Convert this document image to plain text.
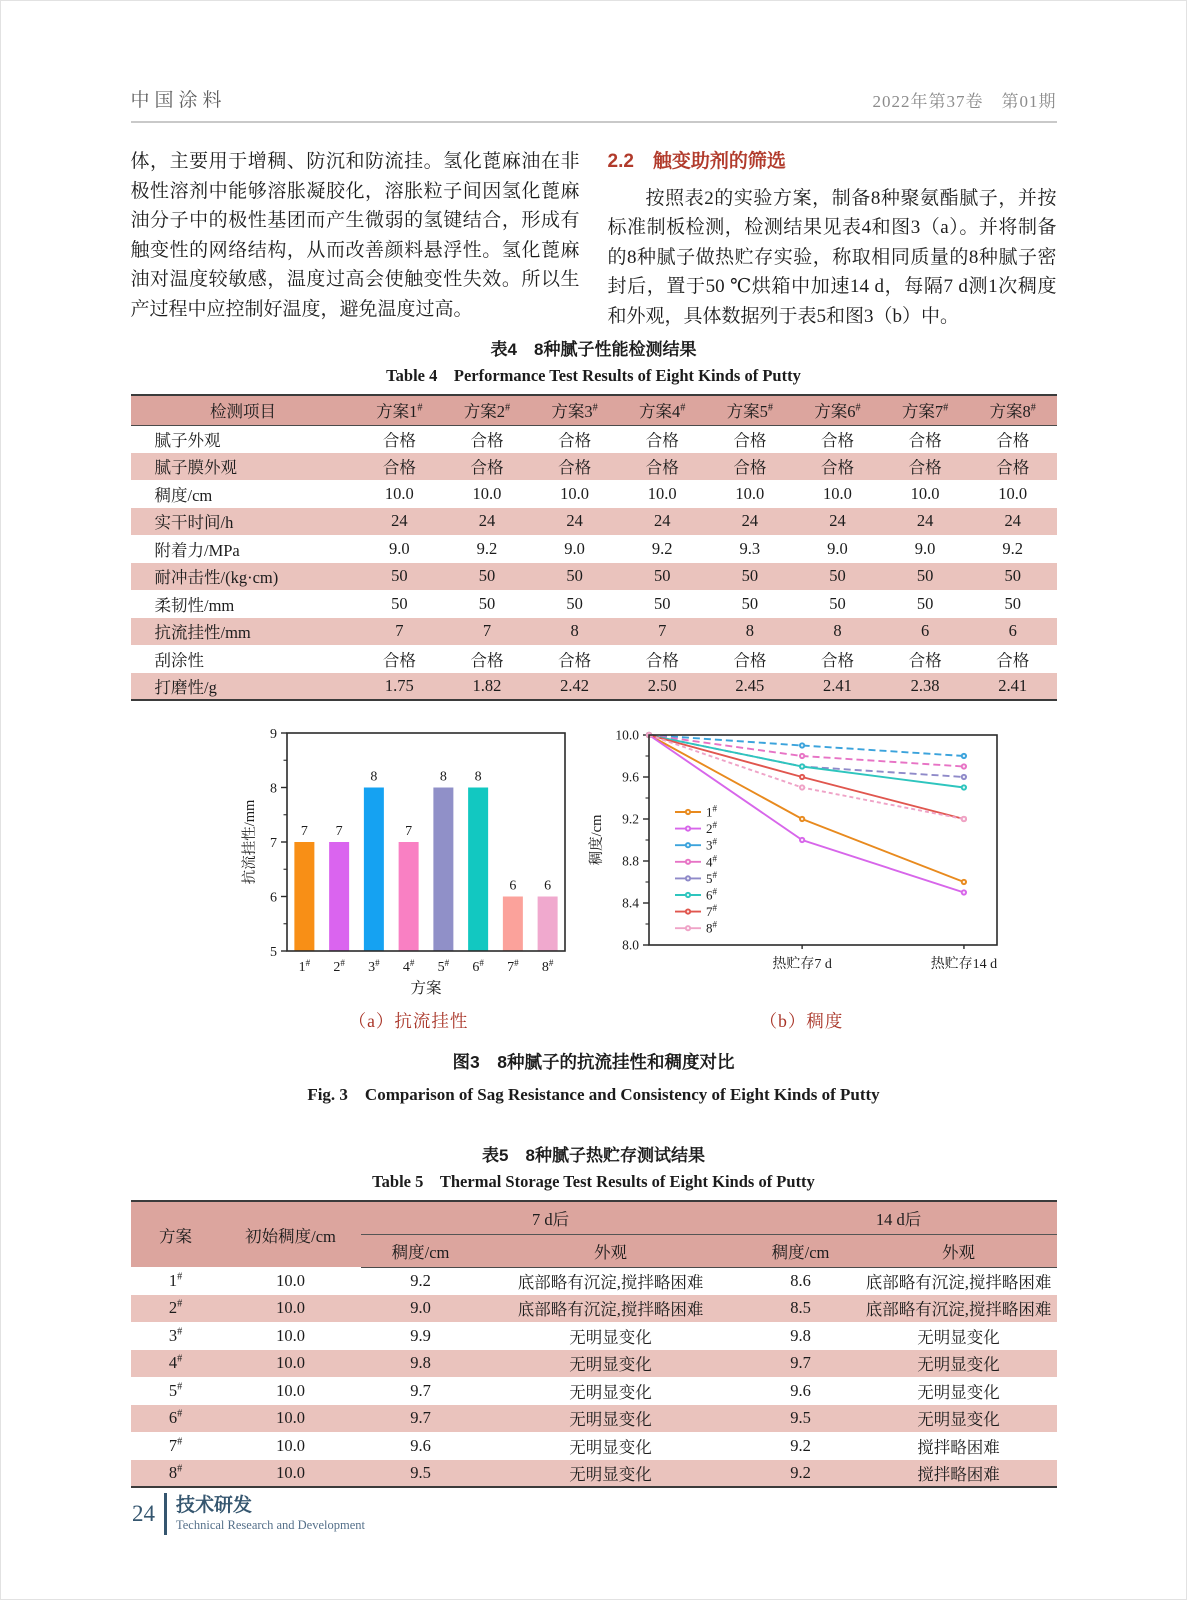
中国涂料	2022年第37卷　第01期

体，主要用于增稠、防沉和防流挂。氢化蓖麻油在非极性溶剂中能够溶胀凝胶化，溶胀粒子间因氢化蓖麻油分子中的极性基团而产生微弱的氢键结合，形成有触变性的网络结构，从而改善颜料悬浮性。氢化蓖麻油对温度较敏感，温度过高会使触变性失效。所以生产过程中应控制好温度，避免温度过高。

2.2　触变助剂的筛选

按照表2的实验方案，制备8种聚氨酯腻子，并按标准制板检测，检测结果见表4和图3（a）。并将制备的8种腻子做热贮存实验，称取相同质量的8种腻子密封后，置于50 ℃烘箱中加速14 d，每隔7 d测1次稠度和外观，具体数据列于表5和图3（b）中。

表4　8种腻子性能检测结果
Table 4　Performance Test Results of Eight Kinds of Putty
检测项目	方案1#	方案2#	方案3#	方案4#	方案5#	方案6#	方案7#	方案8#
腻子外观	合格	合格	合格	合格	合格	合格	合格	合格
腻子膜外观	合格	合格	合格	合格	合格	合格	合格	合格
稠度/cm	10.0	10.0	10.0	10.0	10.0	10.0	10.0	10.0
实干时间/h	24	24	24	24	24	24	24	24
附着力/MPa	9.0	9.2	9.0	9.2	9.3	9.0	9.0	9.2
耐冲击性/(kg·cm)	50	50	50	50	50	50	50	50
柔韧性/mm	50	50	50	50	50	50	50	50
抗流挂性/mm	7	7	8	7	8	8	6	6
刮涂性	合格	合格	合格	合格	合格	合格	合格	合格
打磨性/g	1.75	1.82	2.42	2.50	2.45	2.41	2.38	2.41
5
6
7
8
9
7
1#
7
2#
8
3#
7
4#
8
5#
8
6#
6
7#
6
8#
方案
抗流挂性/mm
（a）抗流挂性
8.0
8.4
8.8
9.2
9.6
10.0
热贮存7 d	热贮存14 d
1#
2#
3#
4#
5#
6#
7#
8#
稠度/cm
（b）稠度
图3　8种腻子的抗流挂性和稠度对比
Fig. 3　Comparison of Sag Resistance and Consistency of Eight Kinds of Putty
表5　8种腻子热贮存测试结果
Table 5　Thermal Storage Test Results of Eight Kinds of Putty
方案	初始稠度/cm	7 d后		14 d后	
		稠度/cm	外观	稠度/cm	外观
1#	10.0	9.2	底部略有沉淀,搅拌略困难	8.6	底部略有沉淀,搅拌略困难
2#	10.0	9.0	底部略有沉淀,搅拌略困难	8.5	底部略有沉淀,搅拌略困难
3#	10.0	9.9	无明显变化	9.8	无明显变化
4#	10.0	9.8	无明显变化	9.7	无明显变化
5#	10.0	9.7	无明显变化	9.6	无明显变化
6#	10.0	9.7	无明显变化	9.5	无明显变化
7#	10.0	9.6	无明显变化	9.2	搅拌略困难
8#	10.0	9.5	无明显变化	9.2	搅拌略困难
24 技术研发
Technical Research and Development
